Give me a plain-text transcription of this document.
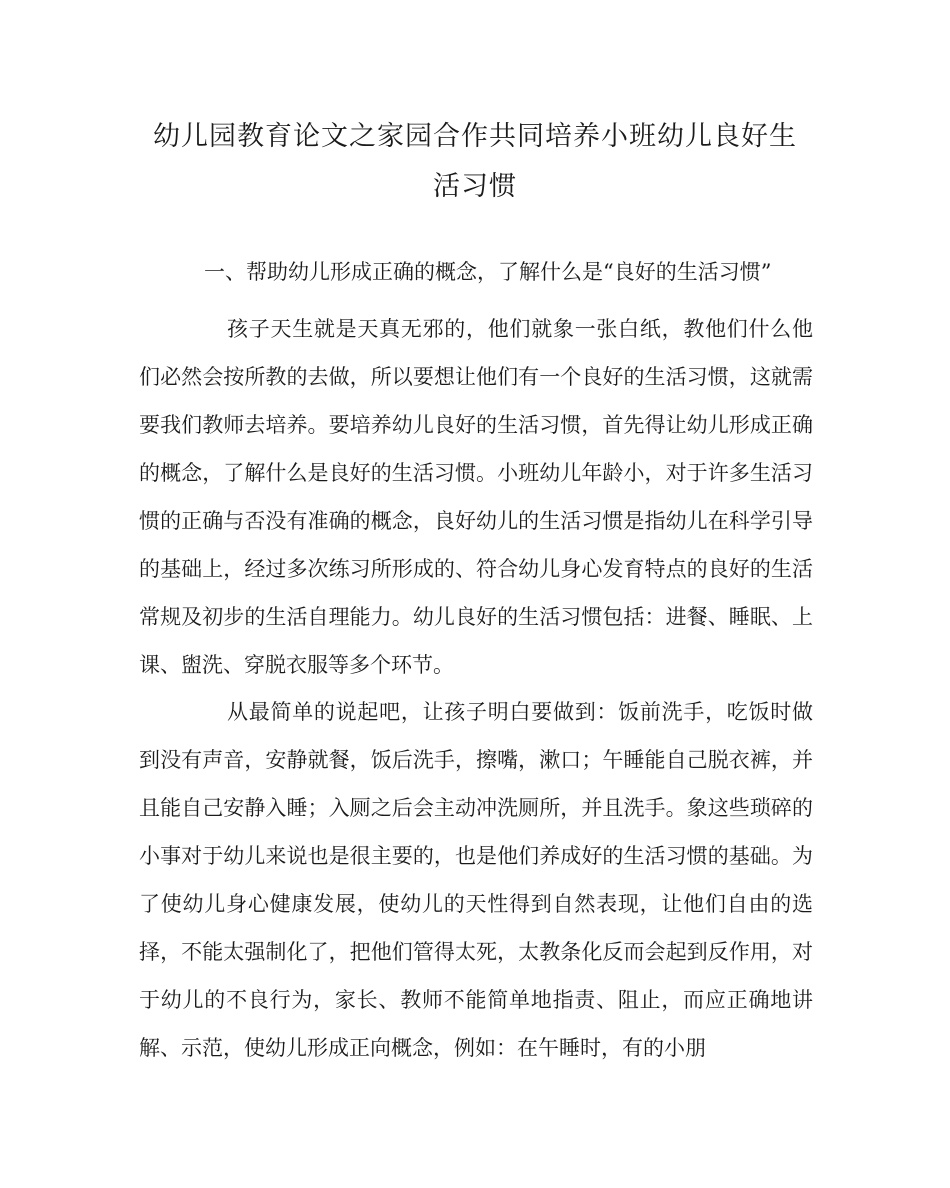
幼儿园教育论文之家园合作共同培养小班幼儿良好生
活习惯
一、帮助幼儿形成正确的概念，了解什么是“良好的生活习惯”

孩子天生就是天真无邪的，他们就象一张白纸，教他们什么他们必然会按所教的去做，所以要想让他们有一个良好的生活习惯，这就需要我们教师去培养。要培养幼儿良好的生活习惯，首先得让幼儿形成正确的概念，了解什么是良好的生活习惯。小班幼儿年龄小，对于许多生活习惯的正确与否没有准确的概念，良好幼儿的生活习惯是指幼儿在科学引导的基础上，经过多次练习所形成的、符合幼儿身心发育特点的良好的生活常规及初步的生活自理能力。幼儿良好的生活习惯包括：进餐、睡眠、上课、盥洗、穿脱衣服等多个环节。

从最简单的说起吧，让孩子明白要做到：饭前洗手，吃饭时做到没有声音，安静就餐，饭后洗手，擦嘴，漱口；午睡能自己脱衣裤，并且能自己安静入睡；入厕之后会主动冲洗厕所，并且洗手。象这些琐碎的小事对于幼儿来说也是很主要的，也是他们养成好的生活习惯的基础。为了使幼儿身心健康发展，使幼儿的天性得到自然表现，让他们自由的选择，不能太强制化了，把他们管得太死，太教条化反而会起到反作用，对于幼儿的不良行为，家长、教师不能简单地指责、阻止，而应正确地讲解、示范，使幼儿形成正向概念，例如：在午睡时，有的小朋
